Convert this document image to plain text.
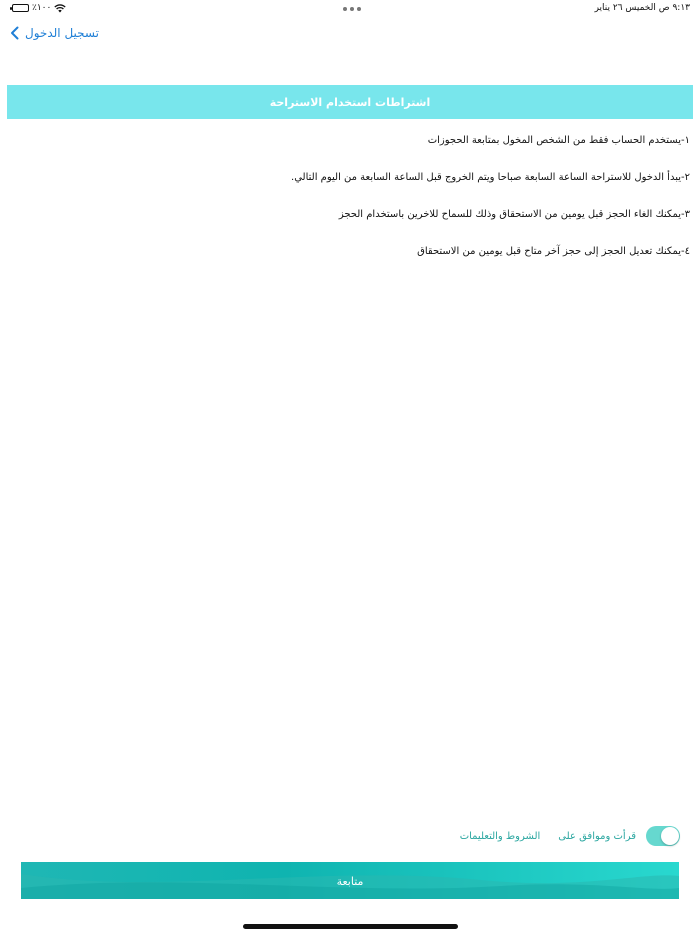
٪١٠٠	٩:١٣ ص الخميس ٢٦ يناير
تسجيل الدخول
اشتراطات استخدام الاستراحة
١-يستخدم الحساب فقط من الشخص المخول بمتابعة الحجوزات
٢-يبدأ الدخول للاستراحة الساعة السابعة صباحا ويتم الخروج قبل الساعة السابعة من اليوم التالي.
٣-يمكنك الغاء الحجز قبل يومين من الاستحقاق وذلك للسماح للاخرين باستخدام الحجز
٤-يمكنك تعديل الحجز إلى حجز آخر متاح قبل يومين من الاستحقاق
قرأت وموافق على
الشروط والتعليمات
متابعة
